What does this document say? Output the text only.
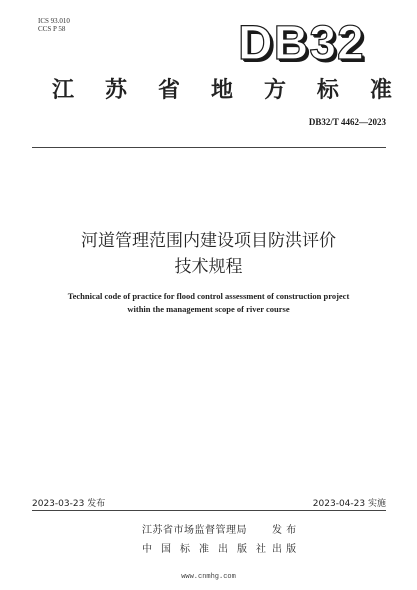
ICS 93.010
CCS P 58	DB32
江 苏 省 地 方 标 准
DB32/T 4462—2023
河道管理范围内建设项目防洪评价
技术规程
Technical code of practice for flood control assessment of construction project
within the management scope of river course
2023-03-23 发布	2023-04-23 实施
江苏省市场监督管理局	发 布
中国标准出版社
出 版
www.cnmhg.com
